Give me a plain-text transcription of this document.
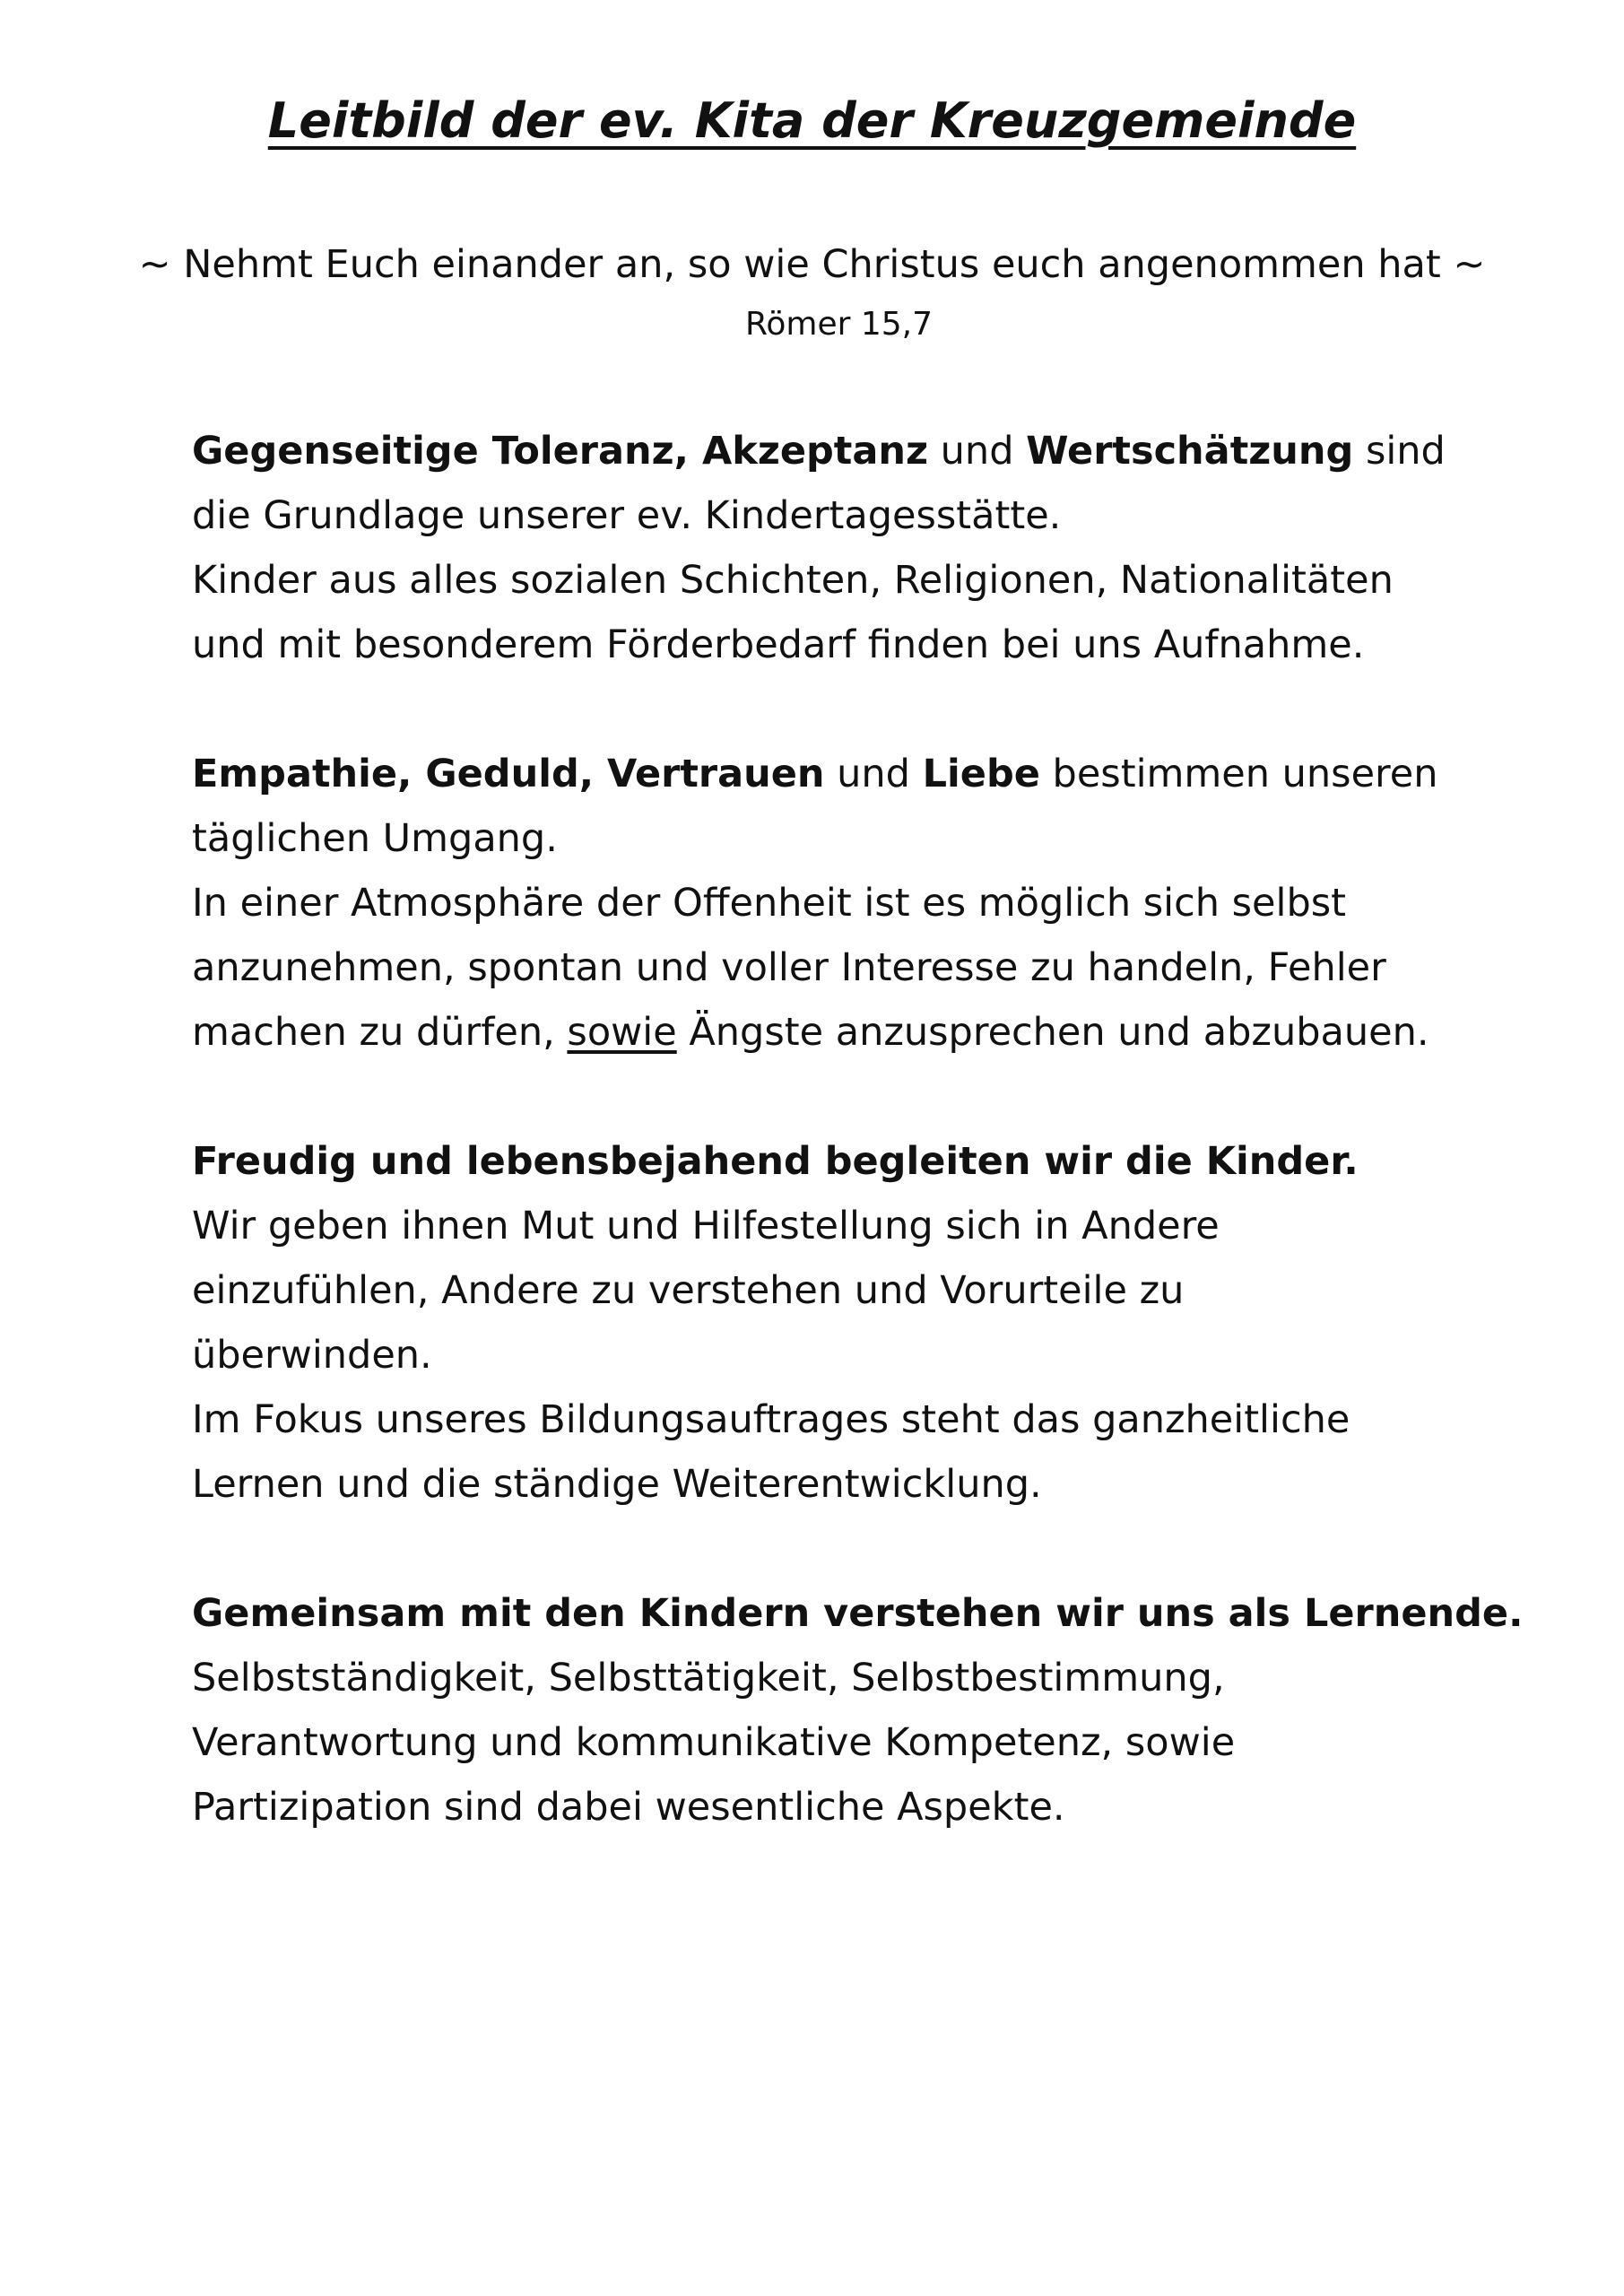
Leitbild der ev. Kita der Kreuzgemeinde

~ Nehmt Euch einander an, so wie Christus euch angenommen hat ~

Römer 15,7

Gegenseitige Toleranz, Akzeptanz und Wertschätzung sind
die Grundlage unserer ev. Kindertagesstätte.
Kinder aus alles sozialen Schichten, Religionen, Nationalitäten
und mit besonderem Förderbedarf finden bei uns Aufnahme.
Empathie, Geduld, Vertrauen und Liebe bestimmen unseren
täglichen Umgang.
In einer Atmosphäre der Offenheit ist es möglich sich selbst
anzunehmen, spontan und voller Interesse zu handeln, Fehler
machen zu dürfen, sowie Ängste anzusprechen und abzubauen.
Freudig und lebensbejahend begleiten wir die Kinder.
Wir geben ihnen Mut und Hilfestellung sich in Andere
einzufühlen, Andere zu verstehen und Vorurteile zu
überwinden.
Im Fokus unseres Bildungsauftrages steht das ganzheitliche
Lernen und die ständige Weiterentwicklung.
Gemeinsam mit den Kindern verstehen wir uns als Lernende.
Selbstständigkeit, Selbsttätigkeit, Selbstbestimmung,
Verantwortung und kommunikative Kompetenz, sowie
Partizipation sind dabei wesentliche Aspekte.
